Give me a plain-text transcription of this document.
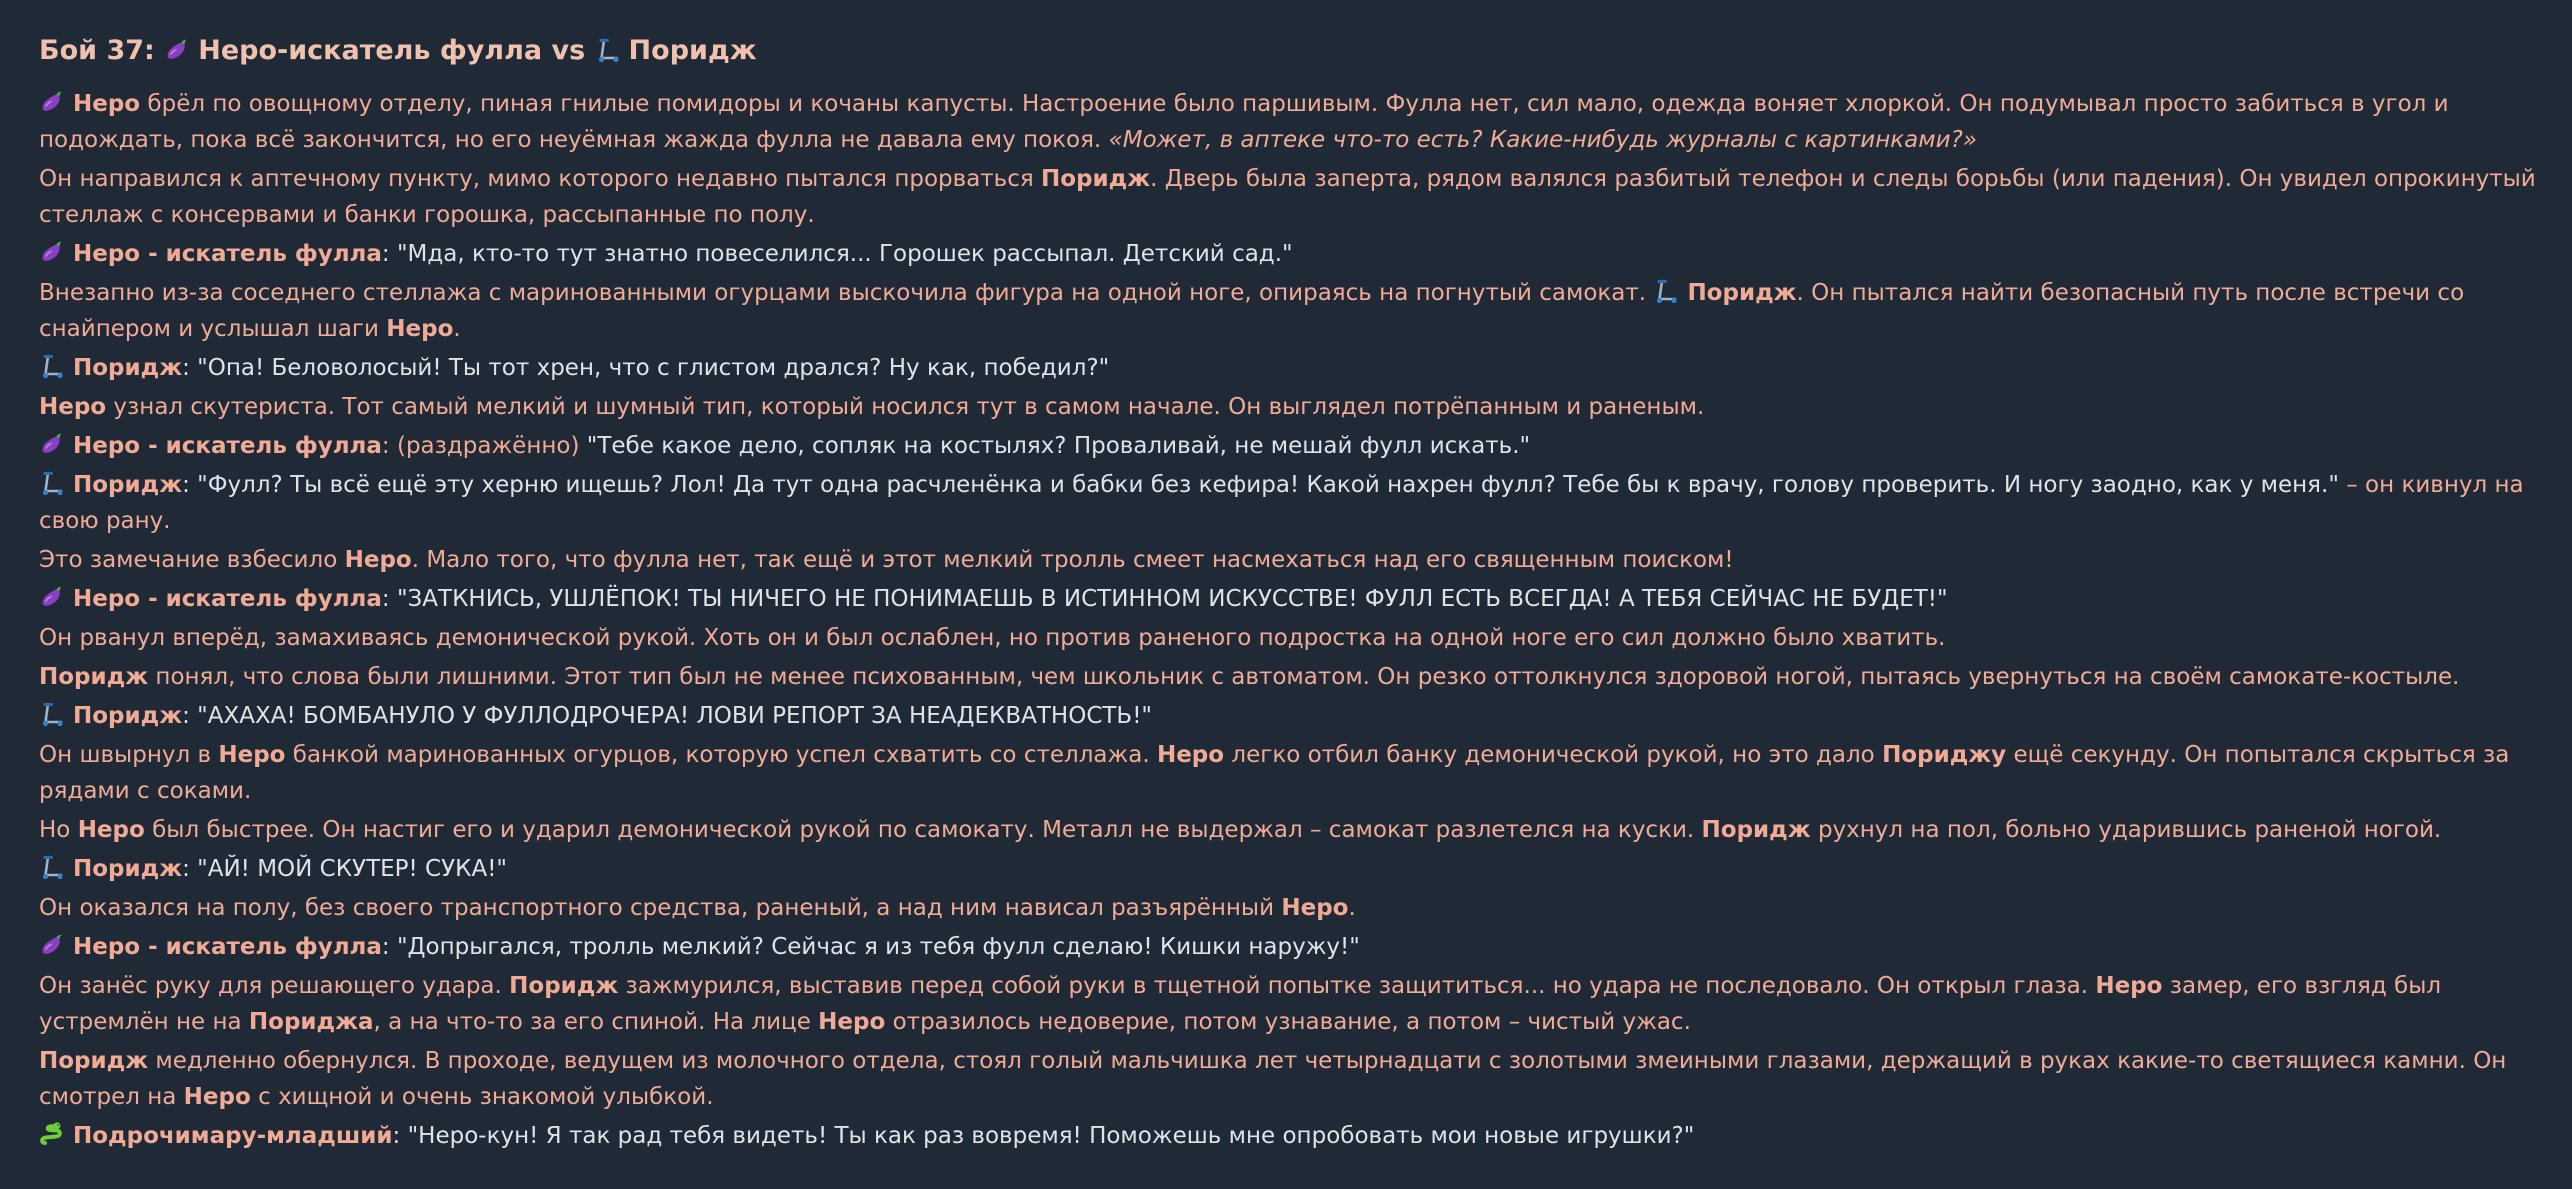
Бой 37: Неро-искатель фулла vs Поридж
Неро брёл по овощному отделу, пиная гнилые помидоры и кочаны капусты. Настроение было паршивым. Фулла нет, сил мало, одежда воняет хлоркой. Он подумывал просто забиться в угол и подождать, пока всё закончится, но его неуёмная жажда фулла не давала ему покоя. «Может, в аптеке что-то есть? Какие-нибудь журналы с картинками?»
Он направился к аптечному пункту, мимо которого недавно пытался прорваться Поридж. Дверь была заперта, рядом валялся разбитый телефон и следы борьбы (или падения). Он увидел опрокинутый стеллаж с консервами и банки горошка, рассыпанные по полу.
Неро - искатель фулла: "Мда, кто-то тут знатно повеселился... Горошек рассыпал. Детский сад."
Внезапно из-за соседнего стеллажа с маринованными огурцами выскочила фигура на одной ноге, опираясь на погнутый самокат.
Поридж. Он пытался найти безопасный путь после встречи со снайпером и услышал шаги Неро.
Поридж: "Опа! Беловолосый! Ты тот хрен, что с глистом дрался? Ну как, победил?"
Неро узнал скутериста. Тот самый мелкий и шумный тип, который носился тут в самом начале. Он выглядел потрёпанным и раненым.
Неро - искатель фулла: (раздражённо) "Тебе какое дело, сопляк на костылях? Проваливай, не мешай фулл искать."
Поридж: "Фулл? Ты всё ещё эту херню ищешь? Лол! Да тут одна расчленёнка и бабки без кефира! Какой нахрен фулл? Тебе бы к врачу, голову проверить. И ногу заодно, как у меня." – он кивнул на свою рану.
Это замечание взбесило Неро. Мало того, что фулла нет, так ещё и этот мелкий тролль смеет насмехаться над его священным поиском!
Неро - искатель фулла: "ЗАТКНИСЬ, УШЛЁПОК! ТЫ НИЧЕГО НЕ ПОНИМАЕШЬ В ИСТИННОМ ИСКУССТВЕ! ФУЛЛ ЕСТЬ ВСЕГДА! А ТЕБЯ СЕЙЧАС НЕ БУДЕТ!"
Он рванул вперёд, замахиваясь демонической рукой. Хоть он и был ослаблен, но против раненого подростка на одной ноге его сил должно было хватить.
Поридж понял, что слова были лишними. Этот тип был не менее психованным, чем школьник с автоматом. Он резко оттолкнулся здоровой ногой, пытаясь увернуться на своём самокате-костыле.
Поридж: "АХАХА! БОМБАНУЛО У ФУЛЛОДРОЧЕРА! ЛОВИ РЕПОРТ ЗА НЕАДЕКВАТНОСТЬ!"
Он швырнул в Неро банкой маринованных огурцов, которую успел схватить со стеллажа. Неро легко отбил банку демонической рукой, но это дало Пориджу ещё секунду. Он попытался скрыться за рядами с соками.
Но Неро был быстрее. Он настиг его и ударил демонической рукой по самокату. Металл не выдержал – самокат разлетелся на куски. Поридж рухнул на пол, больно ударившись раненой ногой.
Поридж: "АЙ! МОЙ СКУТЕР! СУКА!"
Он оказался на полу, без своего транспортного средства, раненый, а над ним нависал разъярённый Неро.
Неро - искатель фулла: "Допрыгался, тролль мелкий? Сейчас я из тебя фулл сделаю! Кишки наружу!"
Он занёс руку для решающего удара. Поридж зажмурился, выставив перед собой руки в тщетной попытке защититься... но удара не последовало. Он открыл глаза. Неро замер, его взгляд был устремлён не на Пориджа, а на что-то за его спиной. На лице Неро отразилось недоверие, потом узнавание, а потом – чистый ужас.
Поридж медленно обернулся. В проходе, ведущем из молочного отдела, стоял голый мальчишка лет четырнадцати с золотыми змеиными глазами, держащий в руках какие-то светящиеся камни. Он смотрел на Неро с хищной и очень знакомой улыбкой.
Подрочимару-младший: "Неро-кун! Я так рад тебя видеть! Ты как раз вовремя! Поможешь мне опробовать мои новые игрушки?"
